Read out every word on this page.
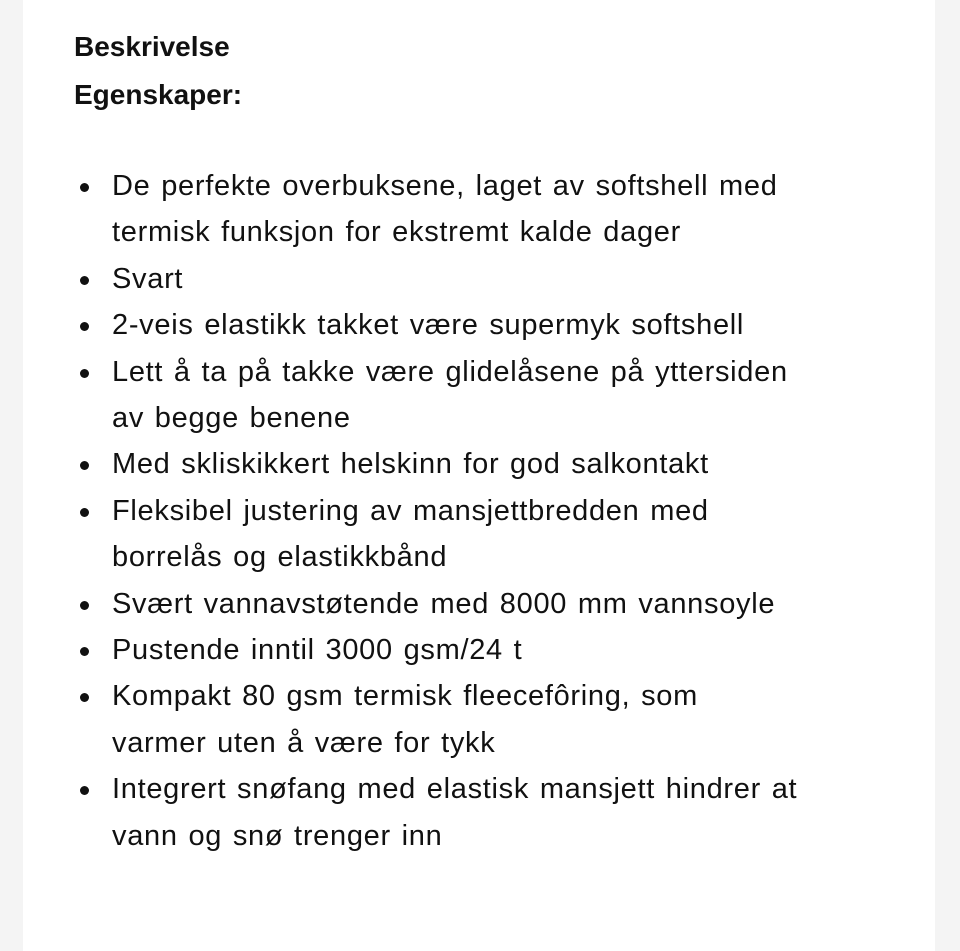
Beskrivelse
Egenskaper:
De perfekte overbuksene, laget av softshell med
termisk funksjon for ekstremt kalde dager
Svart
2-veis elastikk takket være supermyk softshell
Lett å ta på takke være glidelåsene på yttersiden
av begge benene
Med skliskikkert helskinn for god salkontakt
Fleksibel justering av mansjettbredden med
borrelås og elastikkbånd
Svært vannavstøtende med 8000 mm vannsoyle
Pustende inntil 3000 gsm/24 t
Kompakt 80 gsm termisk fleecefôring, som
varmer uten å være for tykk
Integrert snøfang med elastisk mansjett hindrer at
vann og snø trenger inn
